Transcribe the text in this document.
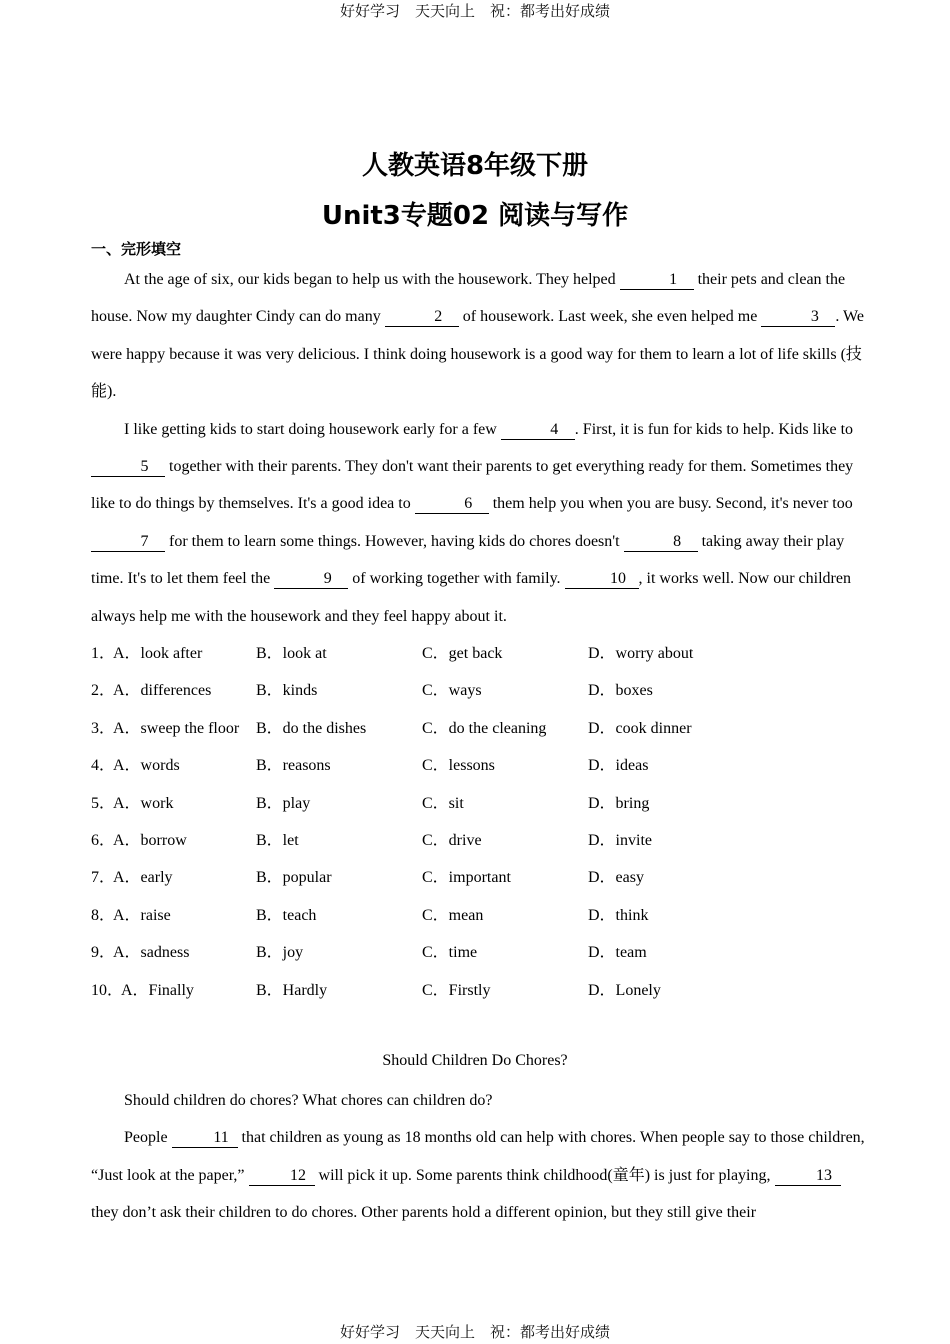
好好学习　天天向上　祝：都考出好成绩
人教英语8年级下册
Unit3专题02 阅读与写作
一、完形填空
At the age of six, our kids began to help us with the housework. They helped	1 their pets and clean the house. Now my daughter Cindy can do many	2 of housework. Last week, she even helped me	3 . We were happy because it was very delicious. I think doing housework is a good way for them to learn a lot of life skills (技能).
I like getting kids to start doing housework early for a few	4 . First, it is fun for kids to help. Kids like to 5 together with their parents. They don't want their parents to get everything ready for them. Sometimes they like to do things by themselves. It's a good idea to	6 them help you when you are busy. Second, it's never too 7 for them to learn some things. However, having kids do chores doesn't	8 taking away their play time. It's to let them feel the	9 of working together with family.	10 , it works well. Now our children always help me with the housework and they feel happy about it.
1．
A．look after	B．look at	C．get back	D．worry about
2．
A．differences	B．kinds	C．ways	D．boxes
3．
A．sweep the floor B．do the dishes	C．do the cleaning	D．cook dinner
4．
A．words	B．reasons	C．lessons	D．ideas
5．
A．work	B．play	C．sit	D．bring
6．
A．borrow	B．let	C．drive	D．invite
7．
A．early	B．popular	C．important	D．easy
8．
A．raise	B．teach	C．mean	D．think
9．
A．sadness	B．joy	C．time	D．team
10．
A．Finally	B．Hardly	C．Firstly	D．Lonely
Should Children Do Chores?
Should children do chores? What chores can children do?
People	11 that children as young as 18 months old can help with chores. When people say to those children, “Just look at the paper,”	12 will pick it up. Some parents think childhood(童年) is just for playing,	13 they don’t ask their children to do chores. Other parents hold a different opinion, but they still give their
好好学习　天天向上　祝：都考出好成绩
